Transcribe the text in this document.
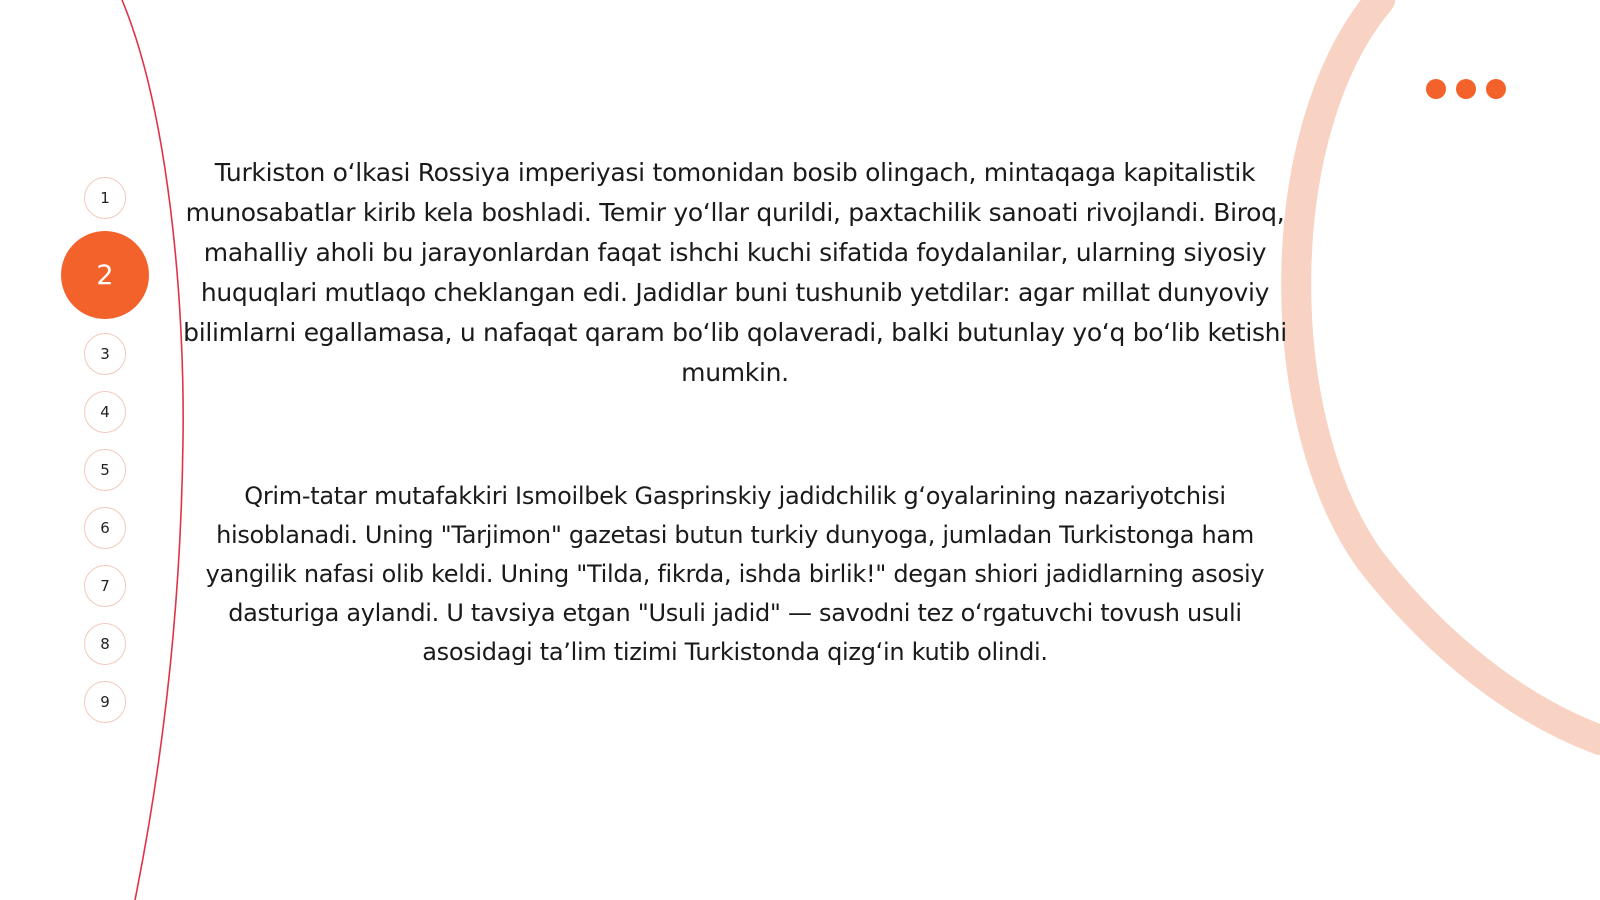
1
2
3
4
5
6
7
8
9

Turkiston oʻlkasi Rossiya imperiyasi tomonidan bosib olingach, mintaqaga kapitalistik munosabatlar kirib kela boshladi. Temir yoʻllar qurildi, paxtachilik sanoati rivojlandi. Biroq, mahalliy aholi bu jarayonlardan faqat ishchi kuchi sifatida foydalanilar, ularning siyosiy huquqlari mutlaqo cheklangan edi. Jadidlar buni tushunib yetdilar: agar millat dunyoviy bilimlarni egallamasa, u nafaqat qaram boʻlib qolaveradi, balki butunlay yoʻq boʻlib ketishi mumkin.

Qrim-tatar mutafakkiri Ismoilbek Gasprinskiy jadidchilik gʻoyalarining nazariyotchisi hisoblanadi. Uning "Tarjimon" gazetasi butun turkiy dunyoga, jumladan Turkistonga ham yangilik nafasi olib keldi. Uning "Tilda, fikrda, ishda birlik!" degan shiori jadidlarning asosiy dasturiga aylandi. U tavsiya etgan "Usuli jadid" — savodni tez oʻrgatuvchi tovush usuli asosidagi taʼlim tizimi Turkistonda qizgʻin kutib olindi.
